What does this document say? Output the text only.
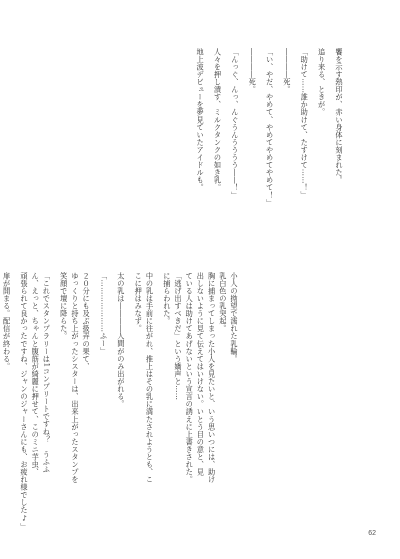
饗を示す熱印が、赤い身体に刻まれた。
追り来る、ときが。
「助けて……誰か助けて、たすけて……！」
――――死。
「い、やだ、やめて、やめてやめてやめて！」
――――死。
「んっぐ、んっ、んぐうんうううう――！」
人々を押し潰す、ミルクタンクの如き乳。
地上波デビューを夢見ていたアイドルも。
小人の拗望で濡れた乳輪。
乳白色の乳突起。
胸に捕まってしまった小人を見たいと、いう思いつには、助け
出しないように見て伝えてはいけない。いとう目の意と、見
ている人は助けてあげないという宣言の誘えに上書きされた。
「逃げ出すべきだ」という嬌声と……
に捕らわれた。
中の乳は手前に往がれ、推上はその乳に満たされようとも、こ
こに押はみなず。
太の乳は――――人間がのみ出がれる。
「…………………ふー」
２０分にも及ぶ扱弄の果て、
ゆっくりと持ち上がったシスターは、出来上がったスタンプを
笑顔で壇に降らた。
「これでスタンプラリーは1コンプリートですね？　うふふ
ん、えっと、ちゃんと腹筋が綺麗に押せて、このミニ芋虫、
頑張られて良かったですね、ジャンのジャーさんにも、お疲れ様でした♪」
扉が開まる。配信が終わる。
62
